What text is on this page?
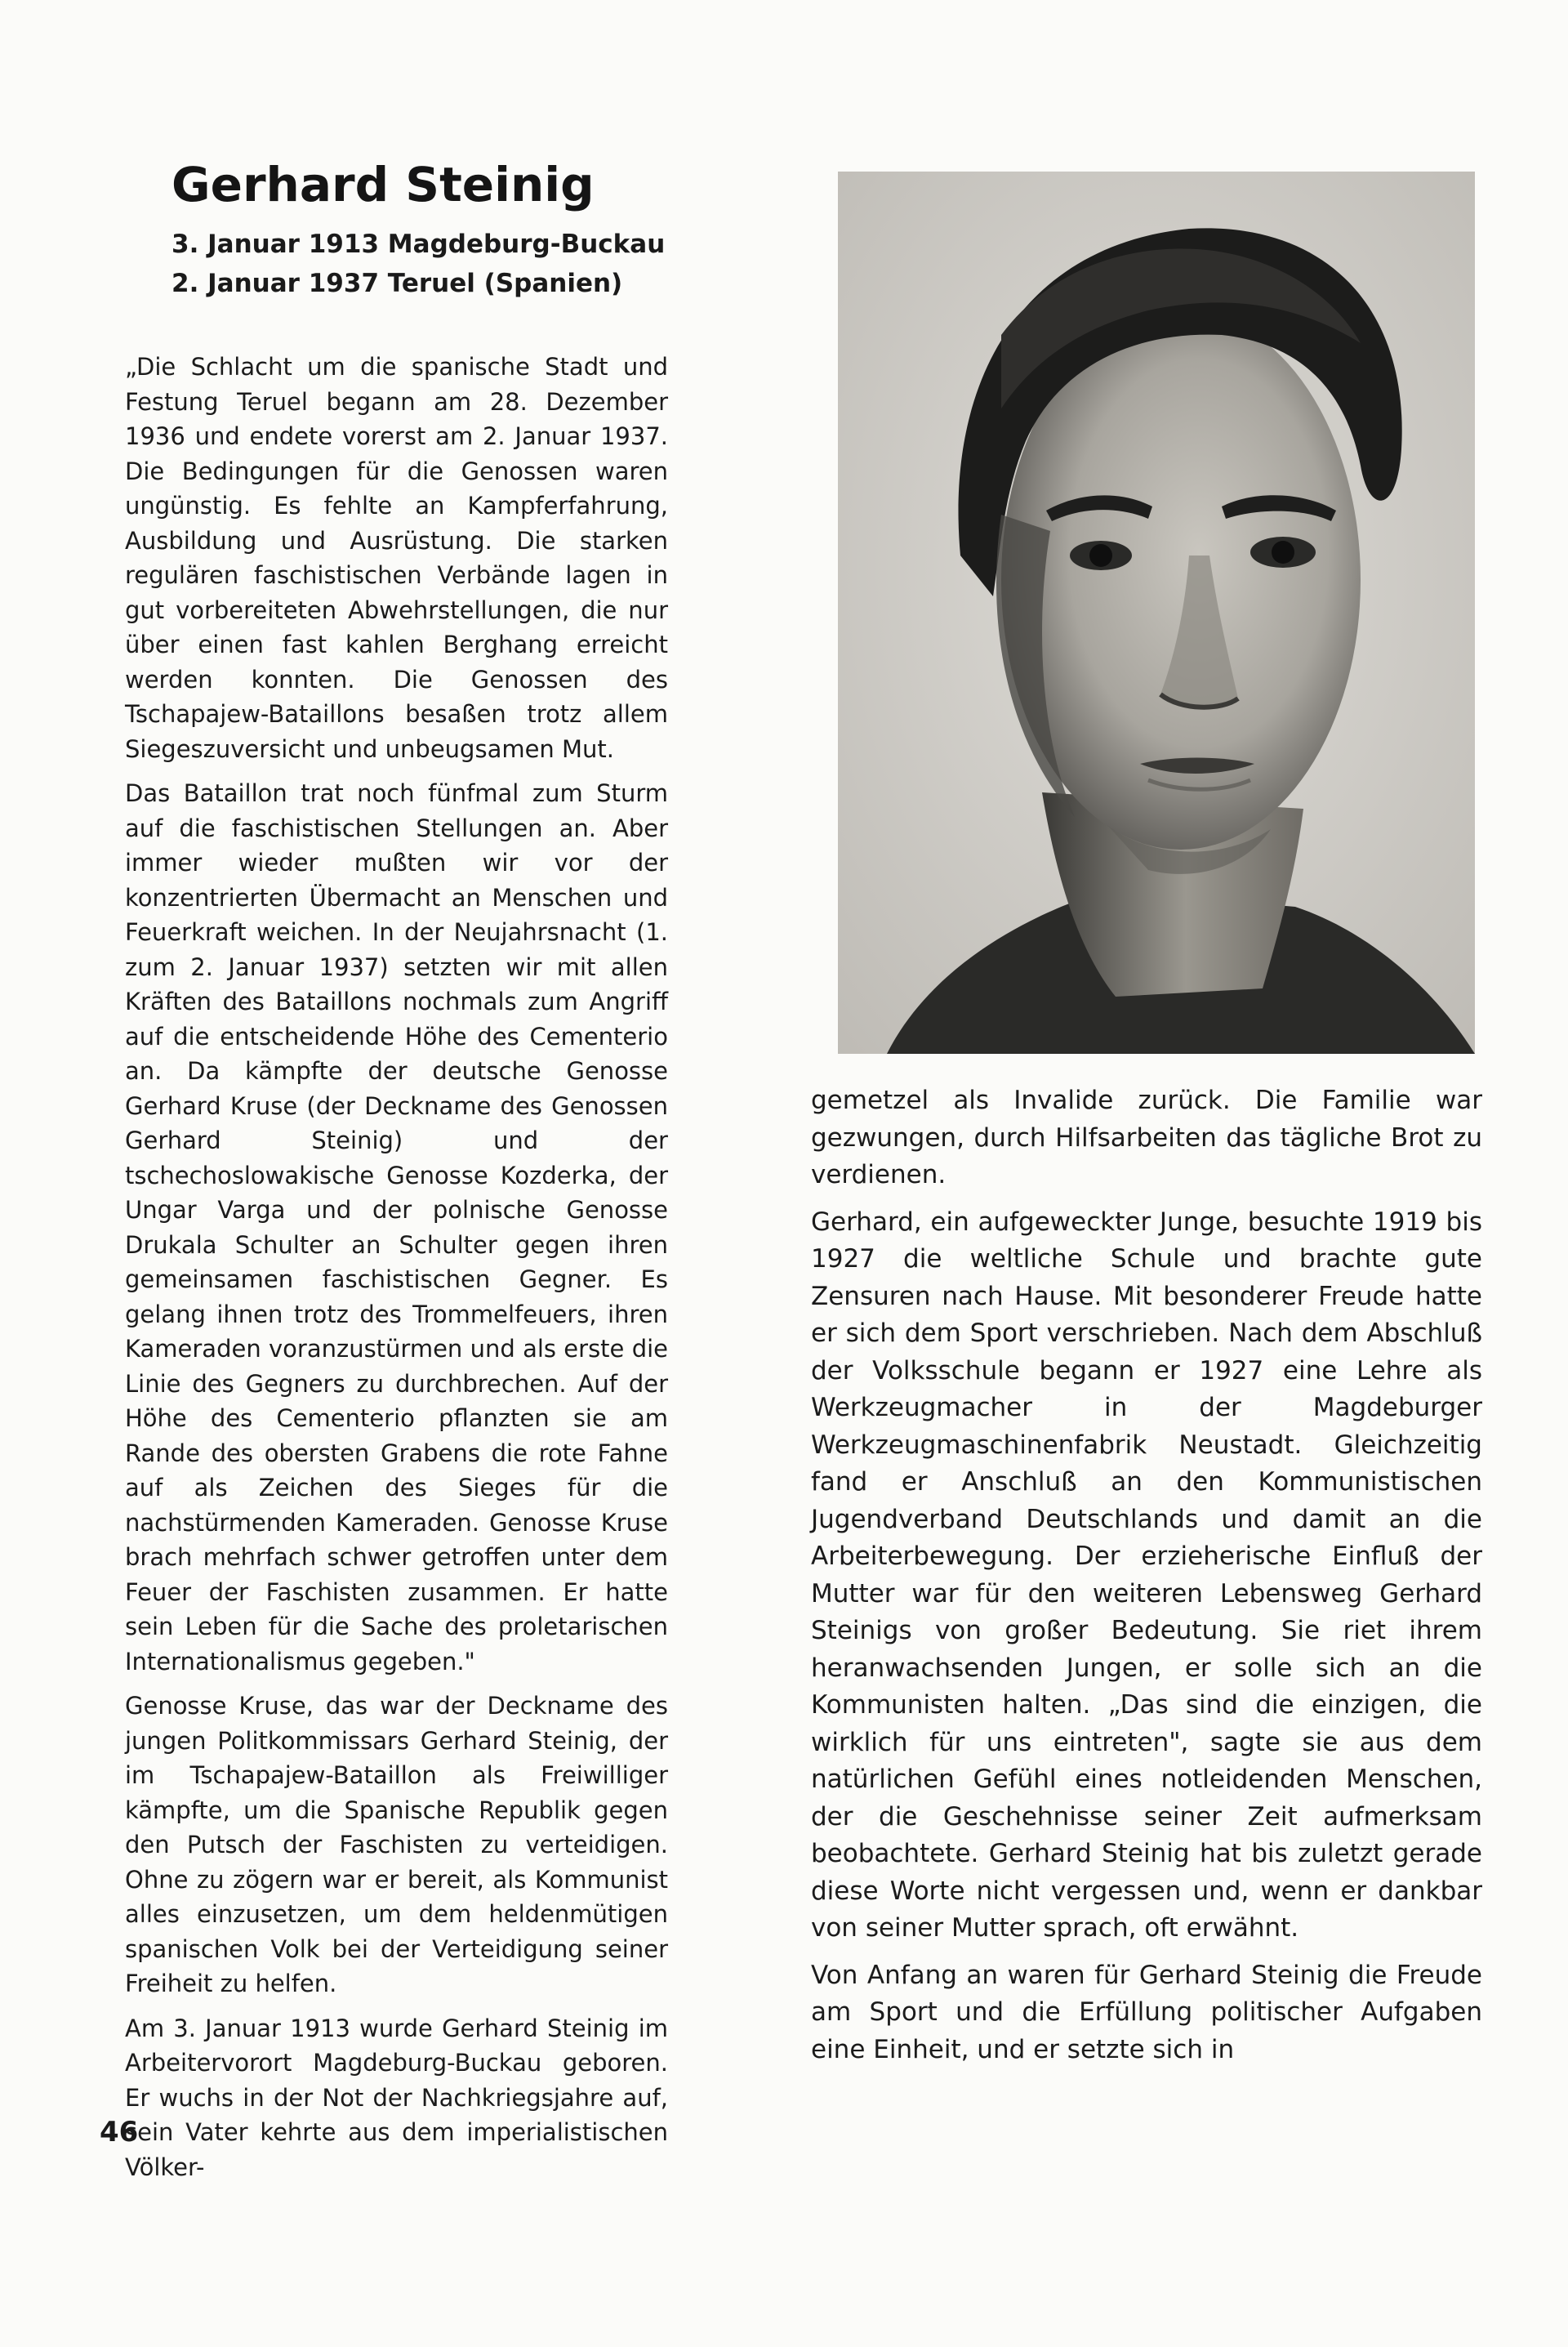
Gerhard Steinig
3. Januar 1913 Magdeburg-Buckau
2. Januar 1937 Teruel (Spanien)

„Die Schlacht um die spanische Stadt und Festung Teruel begann am 28. Dezember 1936 und endete vorerst am 2. Januar 1937. Die Bedingungen für die Genossen waren ungünstig. Es fehlte an Kampferfahrung, Ausbildung und Ausrüstung. Die starken regulären faschistischen Verbände lagen in gut vorbereiteten Abwehrstellungen, die nur über einen fast kahlen Berghang erreicht werden konnten. Die Genossen des Tschapajew-Bataillons besaßen trotz allem Siegeszuversicht und unbeugsamen Mut.

Das Bataillon trat noch fünfmal zum Sturm auf die faschistischen Stellungen an. Aber immer wieder mußten wir vor der konzentrierten Übermacht an Menschen und Feuerkraft weichen. In der Neujahrsnacht (1. zum 2. Januar 1937) setzten wir mit allen Kräften des Bataillons nochmals zum Angriff auf die entscheidende Höhe des Cementerio an. Da kämpfte der deutsche Genosse Gerhard Kruse (der Deckname des Genossen Gerhard Steinig) und der tschechoslowakische Genosse Kozderka, der Ungar Varga und der polnische Genosse Drukala Schulter an Schulter gegen ihren gemeinsamen faschistischen Gegner. Es gelang ihnen trotz des Trommelfeuers, ihren Kameraden voranzustürmen und als erste die Linie des Gegners zu durchbrechen. Auf der Höhe des Cementerio pflanzten sie am Rande des obersten Grabens die rote Fahne auf als Zeichen des Sieges für die nachstürmenden Kameraden. Genosse Kruse brach mehrfach schwer getroffen unter dem Feuer der Faschisten zusammen. Er hatte sein Leben für die Sache des proletarischen Internationalismus gegeben."

Genosse Kruse, das war der Deckname des jungen Politkommissars Gerhard Steinig, der im Tschapajew-Bataillon als Freiwilliger kämpfte, um die Spanische Republik gegen den Putsch der Faschisten zu verteidigen. Ohne zu zögern war er bereit, als Kommunist alles einzusetzen, um dem heldenmütigen spanischen Volk bei der Verteidigung seiner Freiheit zu helfen.

Am 3. Januar 1913 wurde Gerhard Steinig im Arbeitervorort Magdeburg-Buckau geboren. Er wuchs in der Not der Nachkriegsjahre auf, sein Vater kehrte aus dem imperialistischen Völker-

gemetzel als Invalide zurück. Die Familie war gezwungen, durch Hilfsarbeiten das tägliche Brot zu verdienen.

Gerhard, ein aufgeweckter Junge, besuchte 1919 bis 1927 die weltliche Schule und brachte gute Zensuren nach Hause. Mit besonderer Freude hatte er sich dem Sport verschrieben. Nach dem Abschluß der Volksschule begann er 1927 eine Lehre als Werkzeugmacher in der Magdeburger Werkzeugmaschinenfabrik Neustadt. Gleichzeitig fand er Anschluß an den Kommunistischen Jugendverband Deutschlands und damit an die Arbeiterbewegung. Der erzieherische Einfluß der Mutter war für den weiteren Lebensweg Gerhard Steinigs von großer Bedeutung. Sie riet ihrem heranwachsenden Jungen, er solle sich an die Kommunisten halten. „Das sind die einzigen, die wirklich für uns eintreten", sagte sie aus dem natürlichen Gefühl eines notleidenden Menschen, der die Geschehnisse seiner Zeit aufmerksam beobachtete. Gerhard Steinig hat bis zuletzt gerade diese Worte nicht vergessen und, wenn er dankbar von seiner Mutter sprach, oft erwähnt.

Von Anfang an waren für Gerhard Steinig die Freude am Sport und die Erfüllung politischer Aufgaben eine Einheit, und er setzte sich in

46
